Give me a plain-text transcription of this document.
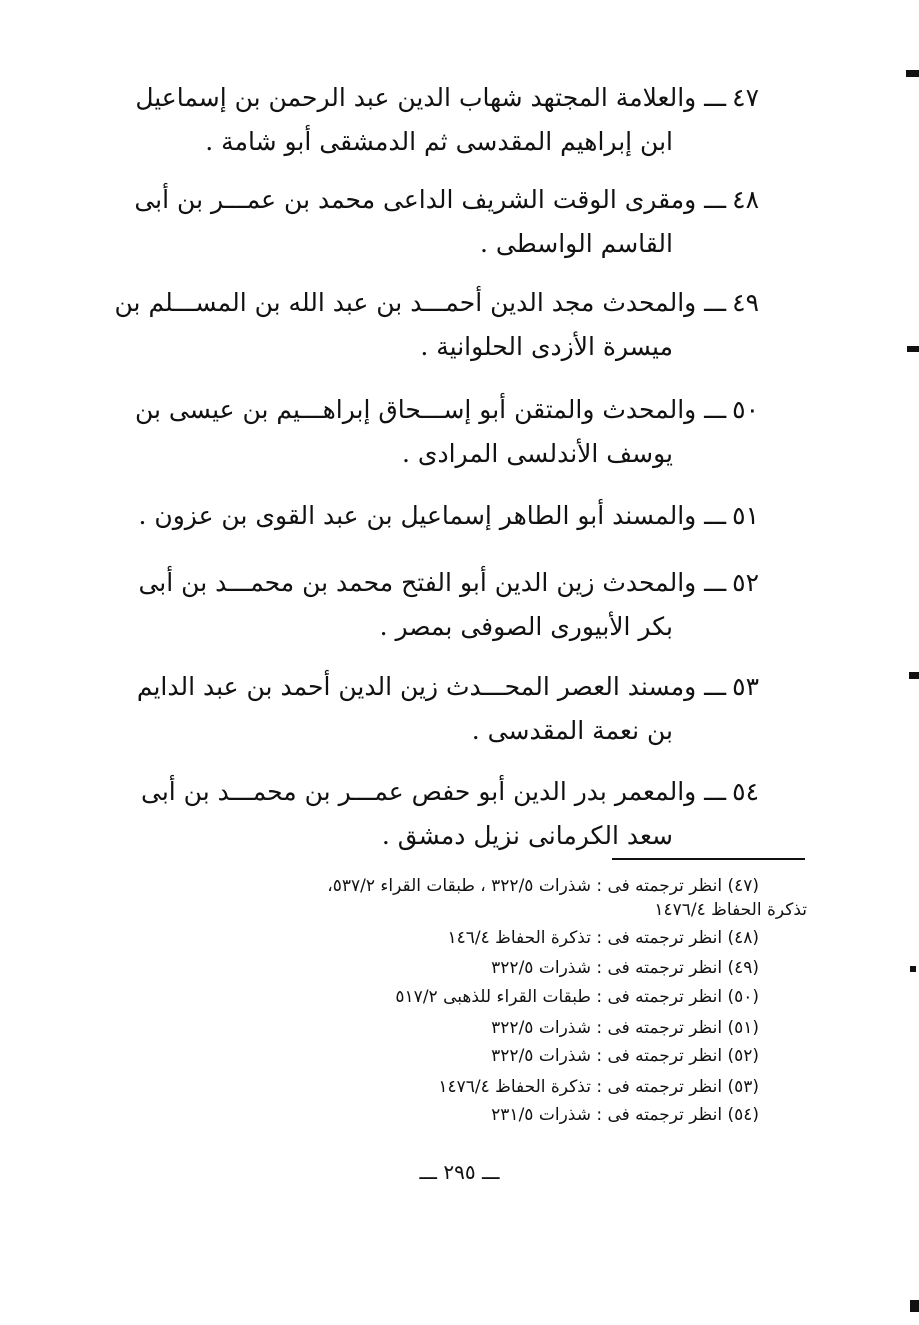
٤٧ـــ والعلامة المجتهد شهاب الدين عبد الرحمن بن إسماعيل
ابن إبراهيم المقدسى ثم الدمشقى أبو شامة .
٤٨ـــ ومقرى الوقت الشريف الداعى محمد بن عمـــر بن أبى
القاسم الواسطى .
٤٩ـــ والمحدث مجد الدين أحمـــد بن عبد الله بن المســـلم بن
ميسرة الأزدى الحلوانية .
٥٠ـــ والمحدث والمتقن أبو إســـحاق إبراهـــيم بن عيسى بن
يوسف الأندلسى المرادى .
٥١ـــ والمسند أبو الطاهر إسماعيل بن عبد القوى بن عزون .
٥٢ـــ والمحدث زين الدين أبو الفتح محمد بن محمـــد بن أبى
بكر الأبيورى الصوفى بمصر .
٥٣ـــ ومسند العصر المحـــدث زين الدين أحمد بن عبد الدايم
بن نعمة المقدسى .
٥٤ـــ والمعمر بدر الدين أبو حفص عمـــر بن محمـــد بن أبى
سعد الكرمانى نزيل دمشق .
(٤٧) انظر ترجمته فى : شذرات ٣٢٢/٥ ، طبقات القراء ٥٣٧/٢،
تذكرة الحفاظ ١٤٧٦/٤
(٤٨) انظر ترجمته فى : تذكرة الحفاظ ١٤٦/٤
(٤٩) انظر ترجمته فى : شذرات ٣٢٢/٥
(٥٠) انظر ترجمته فى : طبقات القراء للذهبى ٥١٧/٢
(٥١) انظر ترجمته فى : شذرات ٣٢٢/٥
(٥٢) انظر ترجمته فى : شذرات ٣٢٢/٥
(٥٣) انظر ترجمته فى : تذكرة الحفاظ ١٤٧٦/٤
(٥٤) انظر ترجمته فى : شذرات ٢٣١/٥
ـــ ٢٩٥ ـــ
